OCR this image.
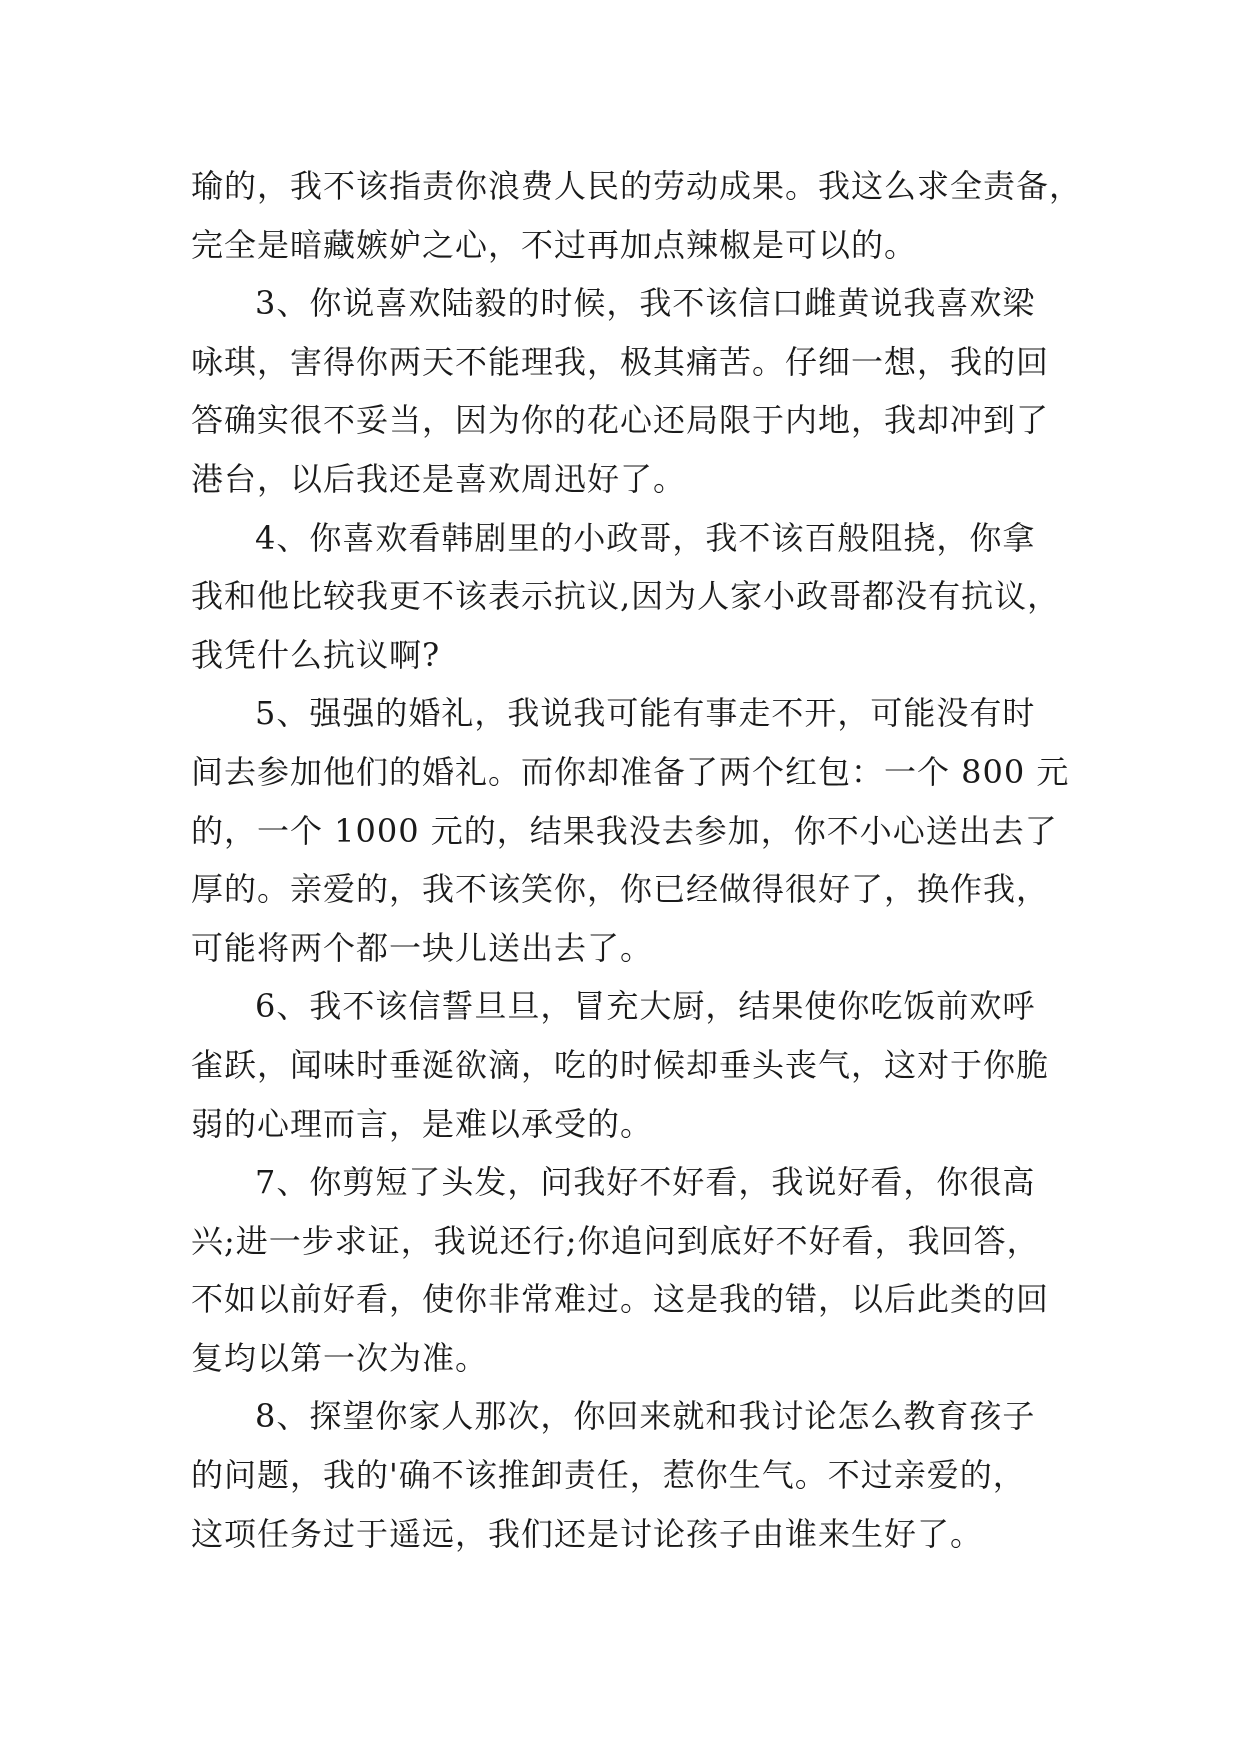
瑜的，我不该指责你浪费人民的劳动成果。我这么求全责备，
完全是暗藏嫉妒之心，不过再加点辣椒是可以的。

3、你说喜欢陆毅的时候，我不该信口雌黄说我喜欢梁
咏琪，害得你两天不能理我，极其痛苦。仔细一想，我的回
答确实很不妥当，因为你的花心还局限于内地，我却冲到了
港台，以后我还是喜欢周迅好了。

4、你喜欢看韩剧里的小政哥，我不该百般阻挠，你拿
我和他比较我更不该表示抗议,因为人家小政哥都没有抗议，
我凭什么抗议啊?

5、强强的婚礼，我说我可能有事走不开，可能没有时
间去参加他们的婚礼。而你却准备了两个红包：一个 800 元
的，一个 1000 元的，结果我没去参加，你不小心送出去了
厚的。亲爱的，我不该笑你，你已经做得很好了，换作我，
可能将两个都一块儿送出去了。

6、我不该信誓旦旦，冒充大厨，结果使你吃饭前欢呼
雀跃，闻味时垂涎欲滴，吃的时候却垂头丧气，这对于你脆
弱的心理而言，是难以承受的。

7、你剪短了头发，问我好不好看，我说好看，你很高
兴;进一步求证，我说还行;你追问到底好不好看，我回答，
不如以前好看，使你非常难过。这是我的错，以后此类的回
复均以第一次为准。

8、探望你家人那次，你回来就和我讨论怎么教育孩子
的问题，我的'确不该推卸责任，惹你生气。不过亲爱的，
这项任务过于遥远，我们还是讨论孩子由谁来生好了。
